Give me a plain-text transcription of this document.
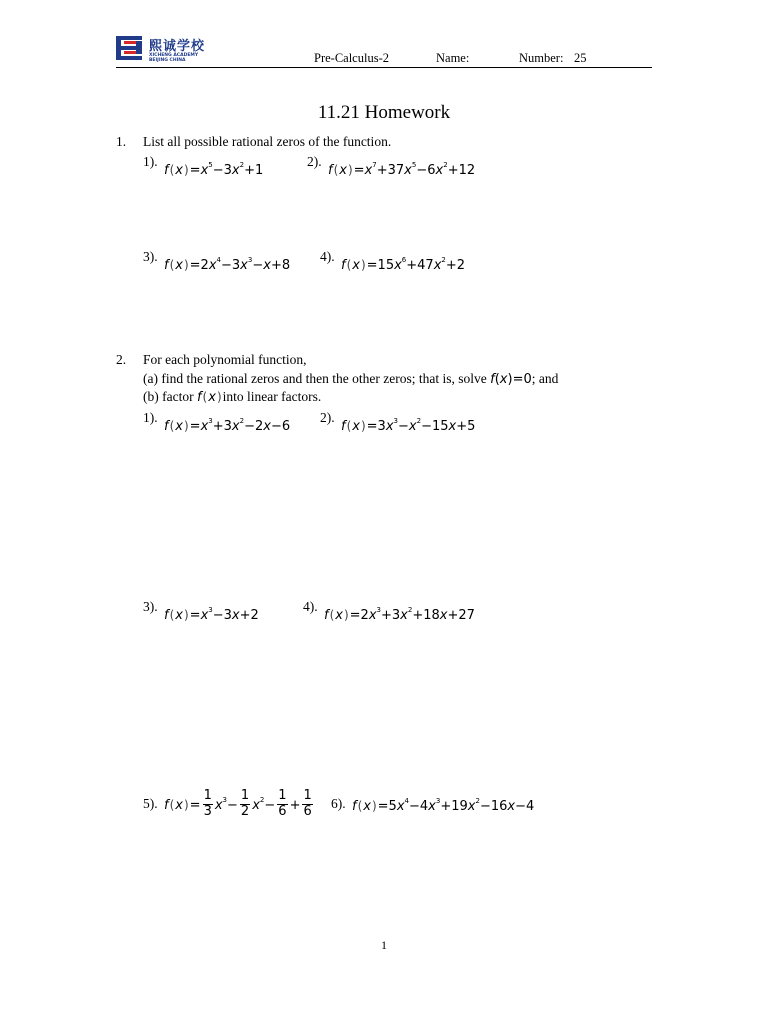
熙诚学校
XICHENG ACADEMY
BEIJING CHINA	Pre-Calculus-2	Name:	Number: 25
11.21 Homework
1. List all possible rational zeros of the function.
1).
$f(x)=x^5-3x^2+1$
2).
$f(x)=x^7+37x^5-6x^2+12$
3).
$f(x)=2x^4-3x^3-x+8$
4).
$f(x)=15x^6+47x^2+2$
2. For each polynomial function,
(a) find the rational zeros and then the other zeros; that is, solve f(x)=0; and
(b) factor f(x)into linear factors.
1).
$f(x)=x^3+3x^2-2x-6$
2).
$f(x)=3x^3-x^2-15x+5$
3).
$f(x)=x^3-3x+2$
4).
$f(x)=2x^3+3x^2+18x+27$
5). $f(x)= \frac{1}{3} x^3- \frac{1}{2} x^2- \frac{1}{6} + \frac{1}{6} 6$). $f(x)=5x^4-4x^3+19x^2-16x-4$
1
